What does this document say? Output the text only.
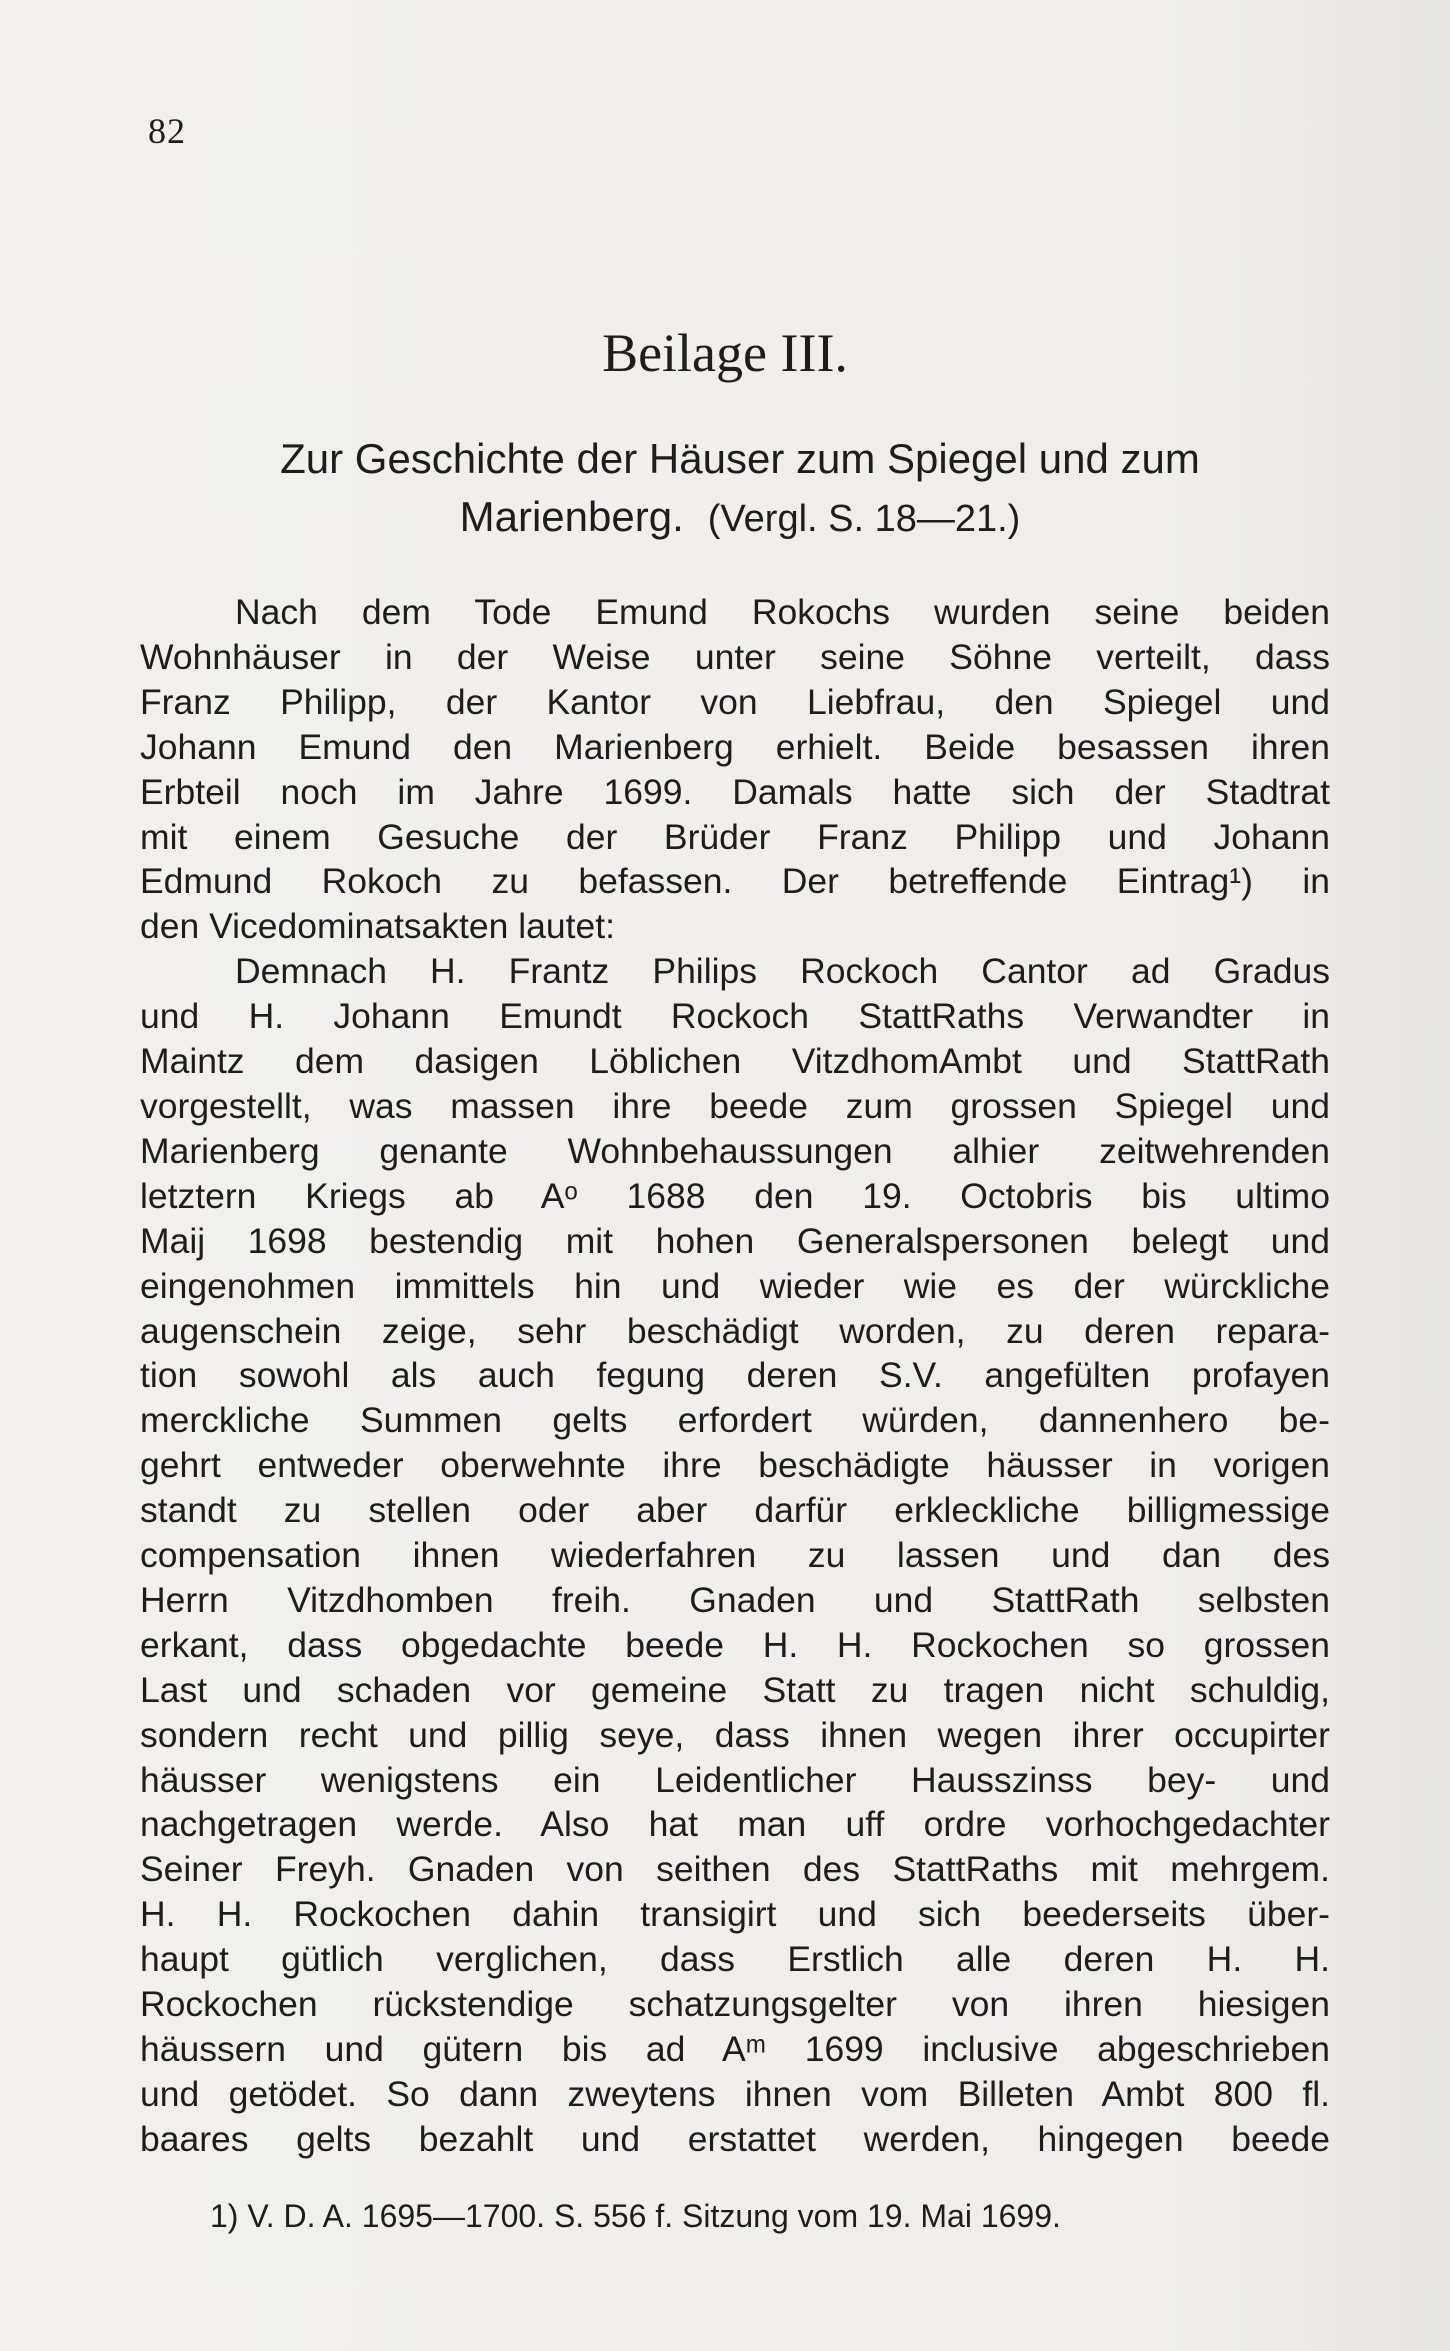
82
Beilage III.
Zur Geschichte der Häuser zum Spiegel und zum
Marienberg. (Vergl. S. 18—21.)
Nach dem Tode Emund Rokochs wurden seine beiden
Wohnhäuser in der Weise unter seine Söhne verteilt, dass
Franz Philipp, der Kantor von Liebfrau, den Spiegel und
Johann Emund den Marienberg erhielt. Beide besassen ihren
Erbteil noch im Jahre 1699. Damals hatte sich der Stadtrat
mit einem Gesuche der Brüder Franz Philipp und Johann
Edmund Rokoch zu befassen. Der betreffende Eintrag¹) in
den Vicedominatsakten lautet:
Demnach H. Frantz Philips Rockoch Cantor ad Gradus
und H. Johann Emundt Rockoch StattRaths Verwandter in
Maintz dem dasigen Löblichen VitzdhomAmbt und StattRath
vorgestellt, was massen ihre beede zum grossen Spiegel und
Marienberg genante Wohnbehaussungen alhier zeitwehrenden
letztern Kriegs ab Aᵒ 1688 den 19. Octobris bis ultimo
Maij 1698 bestendig mit hohen Generalspersonen belegt und
eingenohmen immittels hin und wieder wie es der würckliche
augenschein zeige, sehr beschädigt worden, zu deren repara-
tion sowohl als auch fegung deren S.V. angefülten profayen
merckliche Summen gelts erfordert würden, dannenhero be-
gehrt entweder oberwehnte ihre beschädigte häusser in vorigen
standt zu stellen oder aber darfür erkleckliche billigmessige
compensation ihnen wiederfahren zu lassen und dan des
Herrn Vitzdhomben freih. Gnaden und StattRath selbsten
erkant, dass obgedachte beede H. H. Rockochen so grossen
Last und schaden vor gemeine Statt zu tragen nicht schuldig,
sondern recht und pillig seye, dass ihnen wegen ihrer occupirter
häusser wenigstens ein Leidentlicher Hausszinss bey- und
nachgetragen werde. Also hat man uff ordre vorhochgedachter
Seiner Freyh. Gnaden von seithen des StattRaths mit mehrgem.
H. H. Rockochen dahin transigirt und sich beederseits über-
haupt gütlich verglichen, dass Erstlich alle deren H. H.
Rockochen rückstendige schatzungsgelter von ihren hiesigen
häussern und gütern bis ad Aᵐ 1699 inclusive abgeschrieben
und getödet. So dann zweytens ihnen vom Billeten Ambt 800 fl.
baares gelts bezahlt und erstattet werden, hingegen beede
1) V. D. A. 1695—1700. S. 556 f. Sitzung vom 19. Mai 1699.
